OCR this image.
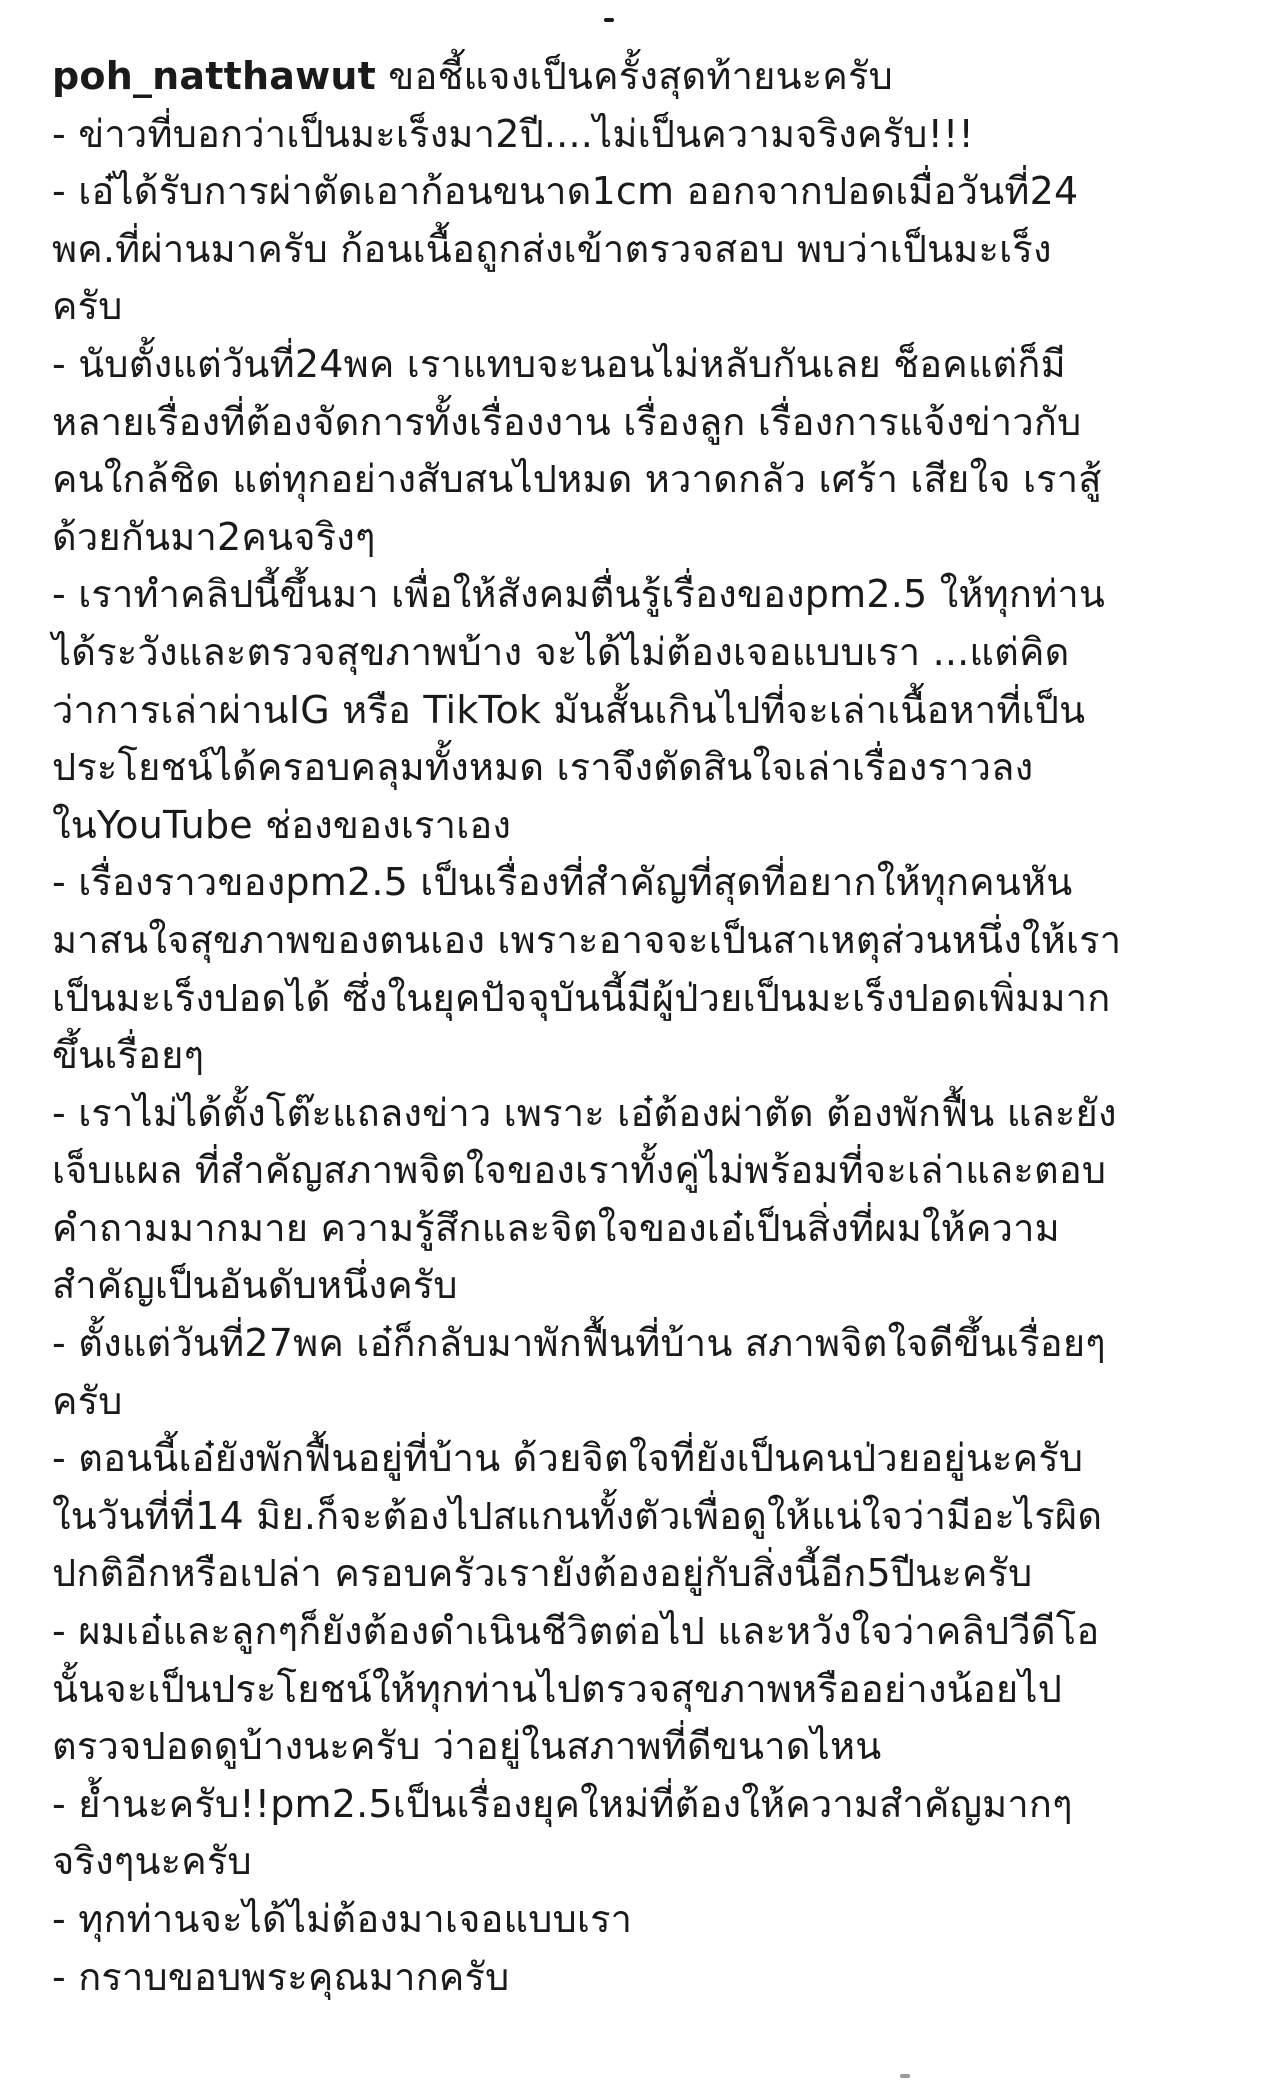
poh_natthawut ขอชี้แจงเป็นครั้งสุดท้ายนะครับ
- ข่าวที่บอกว่าเป็นมะเร็งมา2ปี....ไม่เป็นความจริงครับ!!!
- เอ๋ได้รับการผ่าตัดเอาก้อนขนาด1cm ออกจากปอดเมื่อวันที่24
พค.ที่ผ่านมาครับ ก้อนเนื้อถูกส่งเข้าตรวจสอบ พบว่าเป็นมะเร็ง
ครับ
- นับตั้งแต่วันที่24พค เราแทบจะนอนไม่หลับกันเลย ช็อคแต่ก็มี
หลายเรื่องที่ต้องจัดการทั้งเรื่องงาน เรื่องลูก เรื่องการแจ้งข่าวกับ
คนใกล้ชิด แต่ทุกอย่างสับสนไปหมด หวาดกลัว เศร้า เสียใจ เราสู้
ด้วยกันมา2คนจริงๆ
- เราทำคลิปนี้ขึ้นมา เพื่อให้สังคมตื่นรู้เรื่องของpm2.5 ให้ทุกท่าน
ได้ระวังและตรวจสุขภาพบ้าง จะได้ไม่ต้องเจอแบบเรา ...แต่คิด
ว่าการเล่าผ่านIG หรือ TikTok มันสั้นเกินไปที่จะเล่าเนื้อหาที่เป็น
ประโยชน์ได้ครอบคลุมทั้งหมด เราจึงตัดสินใจเล่าเรื่องราวลง
ในYouTube ช่องของเราเอง
- เรื่องราวของpm2.5 เป็นเรื่องที่สำคัญที่สุดที่อยากให้ทุกคนหัน
มาสนใจสุขภาพของตนเอง เพราะอาจจะเป็นสาเหตุส่วนหนึ่งให้เรา
เป็นมะเร็งปอดได้ ซึ่งในยุคปัจจุบันนี้มีผู้ป่วยเป็นมะเร็งปอดเพิ่มมาก
ขึ้นเรื่อยๆ
- เราไม่ได้ตั้งโต๊ะแถลงข่าว เพราะ เอ๋ต้องผ่าตัด ต้องพักฟื้น และยัง
เจ็บแผล ที่สำคัญสภาพจิตใจของเราทั้งคู่ไม่พร้อมที่จะเล่าและตอบ
คำถามมากมาย ความรู้สึกและจิตใจของเอ๋เป็นสิ่งที่ผมให้ความ
สำคัญเป็นอันดับหนึ่งครับ
- ตั้งแต่วันที่27พค เอ๋ก็กลับมาพักฟื้นที่บ้าน สภาพจิตใจดีขึ้นเรื่อยๆ
ครับ
- ตอนนี้เอ๋ยังพักฟื้นอยู่ที่บ้าน ด้วยจิตใจที่ยังเป็นคนป่วยอยู่นะครับ
ในวันที่ที่14 มิย.ก็จะต้องไปสแกนทั้งตัวเพื่อดูให้แน่ใจว่ามีอะไรผิด
ปกติอีกหรือเปล่า ครอบครัวเรายังต้องอยู่กับสิ่งนี้อีก5ปีนะครับ
- ผมเอ๋และลูกๆก็ยังต้องดำเนินชีวิตต่อไป และหวังใจว่าคลิปวีดีโอ
นั้นจะเป็นประโยชน์ให้ทุกท่านไปตรวจสุขภาพหรืออย่างน้อยไป
ตรวจปอดดูบ้างนะครับ ว่าอยู่ในสภาพที่ดีขนาดไหน
- ย้ำนะครับ!!pm2.5เป็นเรื่องยุคใหม่ที่ต้องให้ความสำคัญมากๆ
จริงๆนะครับ
- ทุกท่านจะได้ไม่ต้องมาเจอแบบเรา
- กราบขอบพระคุณมากครับ
